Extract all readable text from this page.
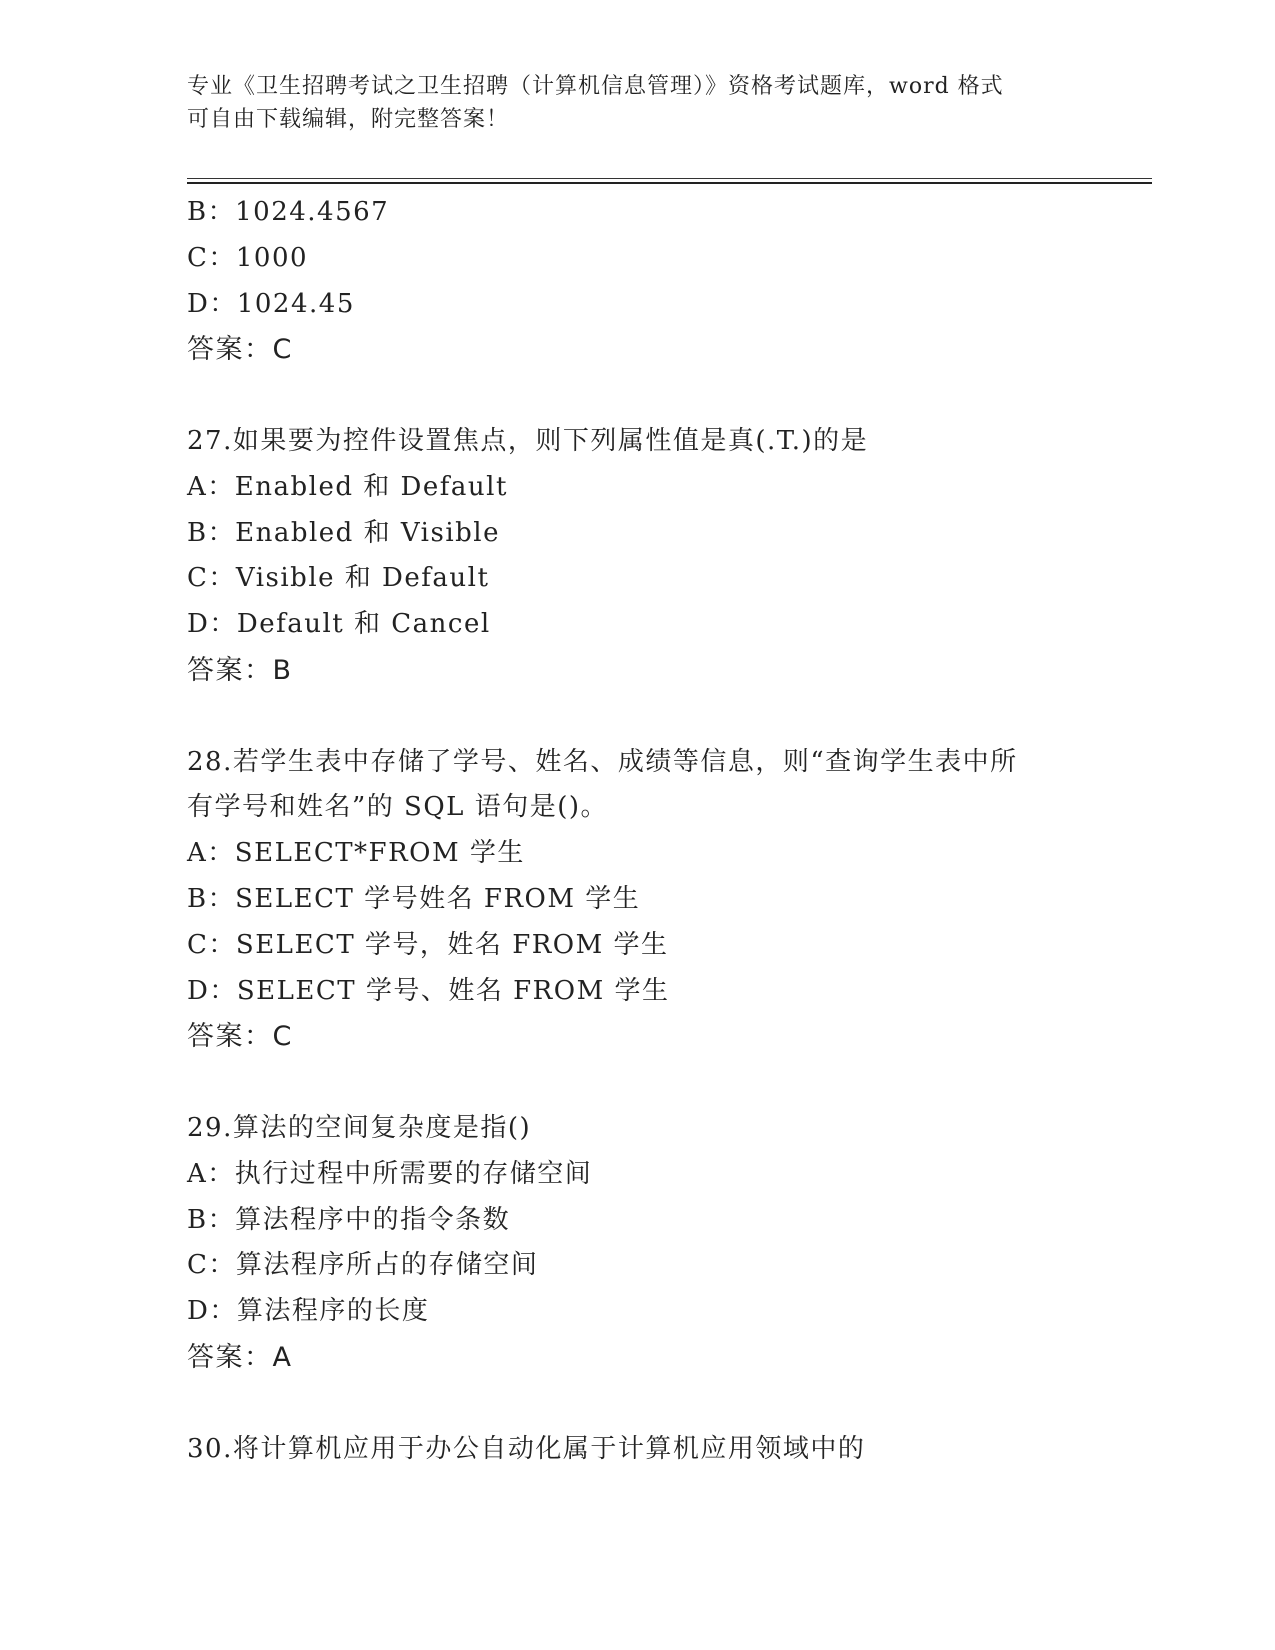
专业《卫生招聘考试之卫生招聘（计算机信息管理）》资格考试题库，word 格式
可自由下载编辑，附完整答案！
B：1024.4567
C：1000
D：1024.45
答案：C
27.如果要为控件设置焦点，则下列属性值是真(.T.)的是
A：Enabled 和 Default
B：Enabled 和 Visible
C：Visible 和 Default
D：Default 和 Cancel
答案：B
28.若学生表中存储了学号、姓名、成绩等信息，则“查询学生表中所
有学号和姓名”的 SQL 语句是()。
A：SELECT*FROM 学生
B：SELECT 学号姓名 FROM 学生
C：SELECT 学号，姓名 FROM 学生
D：SELECT 学号、姓名 FROM 学生
答案：C
29.算法的空间复杂度是指()
A：执行过程中所需要的存储空间
B：算法程序中的指令条数
C：算法程序所占的存储空间
D：算法程序的长度
答案：A
30.将计算机应用于办公自动化属于计算机应用领域中的
